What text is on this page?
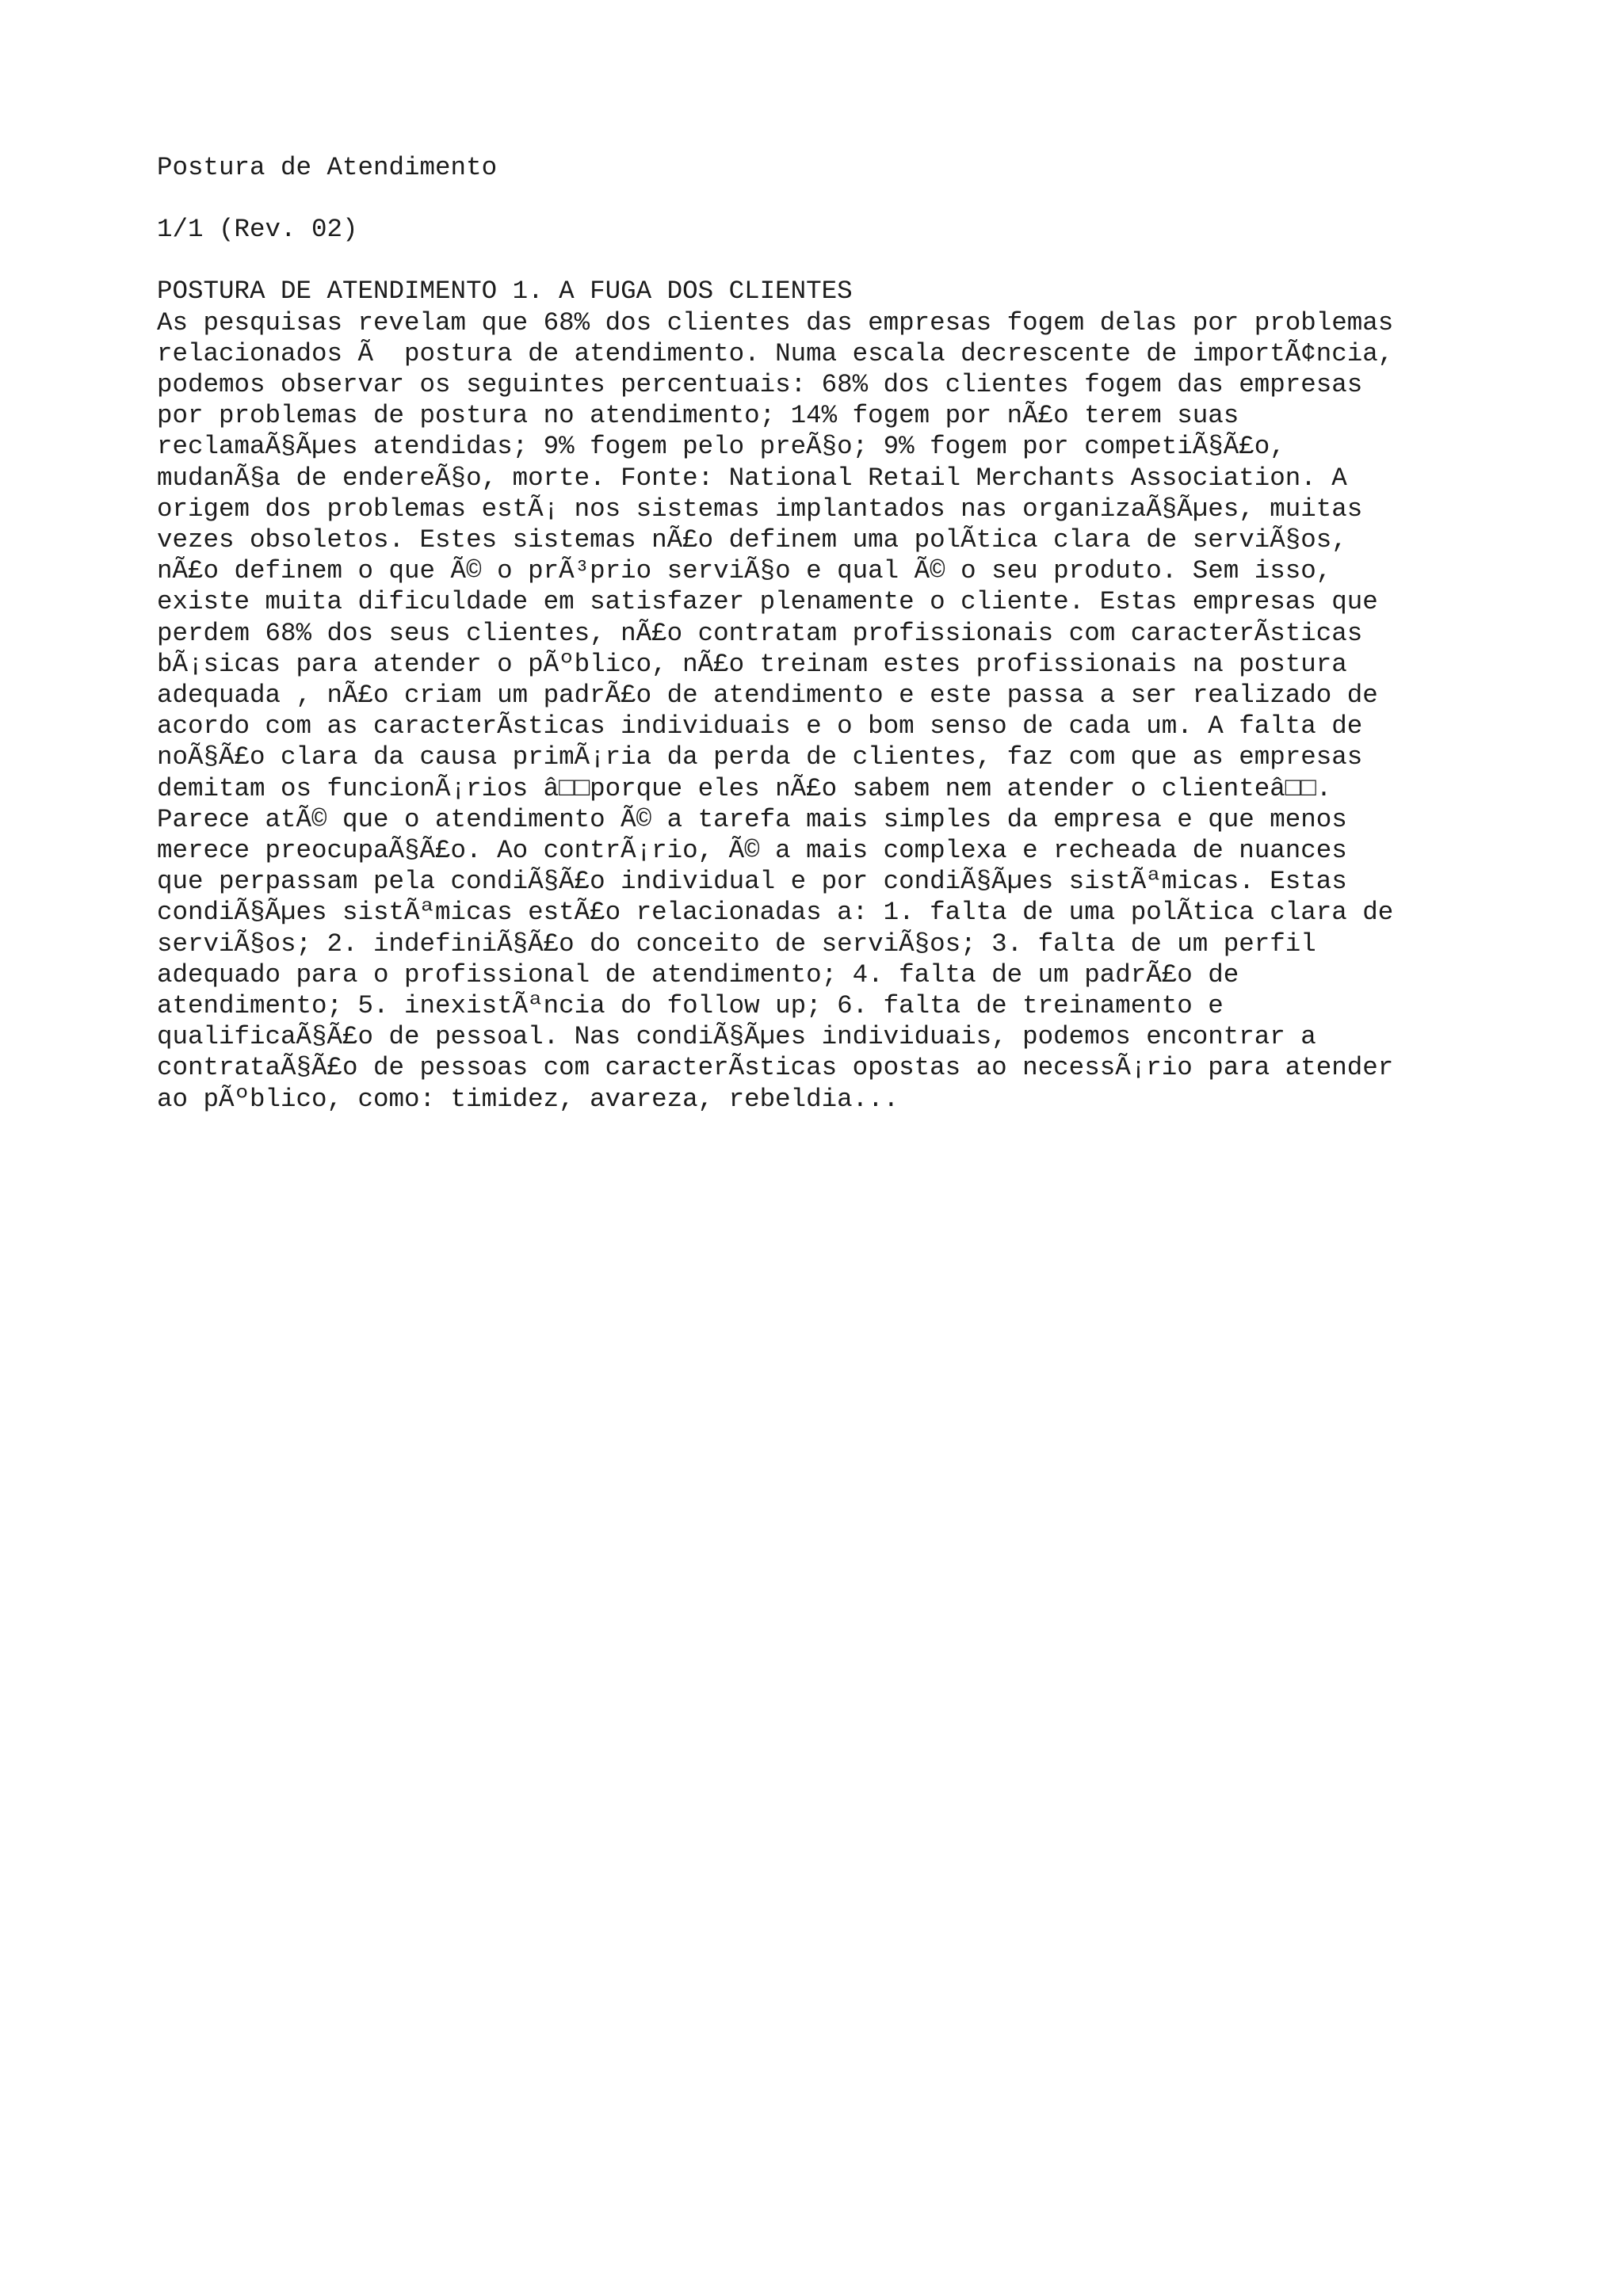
Postura de Atendimento
1/1 (Rev. 02)
POSTURA DE ATENDIMENTO 1. A FUGA DOS CLIENTES
As pesquisas revelam que 68% dos clientes das empresas fogem delas por problemas
relacionados Ã  postura de atendimento. Numa escala decrescente de importÃ¢ncia,
podemos observar os seguintes percentuais: 68% dos clientes fogem das empresas
por problemas de postura no atendimento; 14% fogem por nÃ£o terem suas
reclamaÃ§Ãµes atendidas; 9% fogem pelo preÃ§o; 9% fogem por competiÃ§Ã£o,
mudanÃ§a de endereÃ§o, morte. Fonte: National Retail Merchants Association. A
origem dos problemas estÃ¡ nos sistemas implantados nas organizaÃ§Ãµes, muitas
vezes obsoletos. Estes sistemas nÃ£o definem uma polÃtica clara de serviÃ§os,
nÃ£o definem o que Ã© o prÃ³prio serviÃ§o e qual Ã© o seu produto. Sem isso,
existe muita dificuldade em satisfazer plenamente o cliente. Estas empresas que
perdem 68% dos seus clientes, nÃ£o contratam profissionais com caracterÃsticas
bÃ¡sicas para atender o pÃºblico, nÃ£o treinam estes profissionais na postura
adequada , nÃ£o criam um padrÃ£o de atendimento e este passa a ser realizado de
acordo com as caracterÃsticas individuais e o bom senso de cada um. A falta de
noÃ§Ã£o clara da causa primÃ¡ria da perda de clientes, faz com que as empresas
demitam os funcionÃ¡rios â□□porque eles nÃ£o sabem nem atender o clienteâ□□.
Parece atÃ© que o atendimento Ã© a tarefa mais simples da empresa e que menos
merece preocupaÃ§Ã£o. Ao contrÃ¡rio, Ã© a mais complexa e recheada de nuances
que perpassam pela condiÃ§Ã£o individual e por condiÃ§Ãµes sistÃªmicas. Estas
condiÃ§Ãµes sistÃªmicas estÃ£o relacionadas a: 1. falta de uma polÃtica clara de
serviÃ§os; 2. indefiniÃ§Ã£o do conceito de serviÃ§os; 3. falta de um perfil
adequado para o profissional de atendimento; 4. falta de um padrÃ£o de
atendimento; 5. inexistÃªncia do follow up; 6. falta de treinamento e
qualificaÃ§Ã£o de pessoal. Nas condiÃ§Ãµes individuais, podemos encontrar a
contrataÃ§Ã£o de pessoas com caracterÃsticas opostas ao necessÃ¡rio para atender
ao pÃºblico, como: timidez, avareza, rebeldia...
